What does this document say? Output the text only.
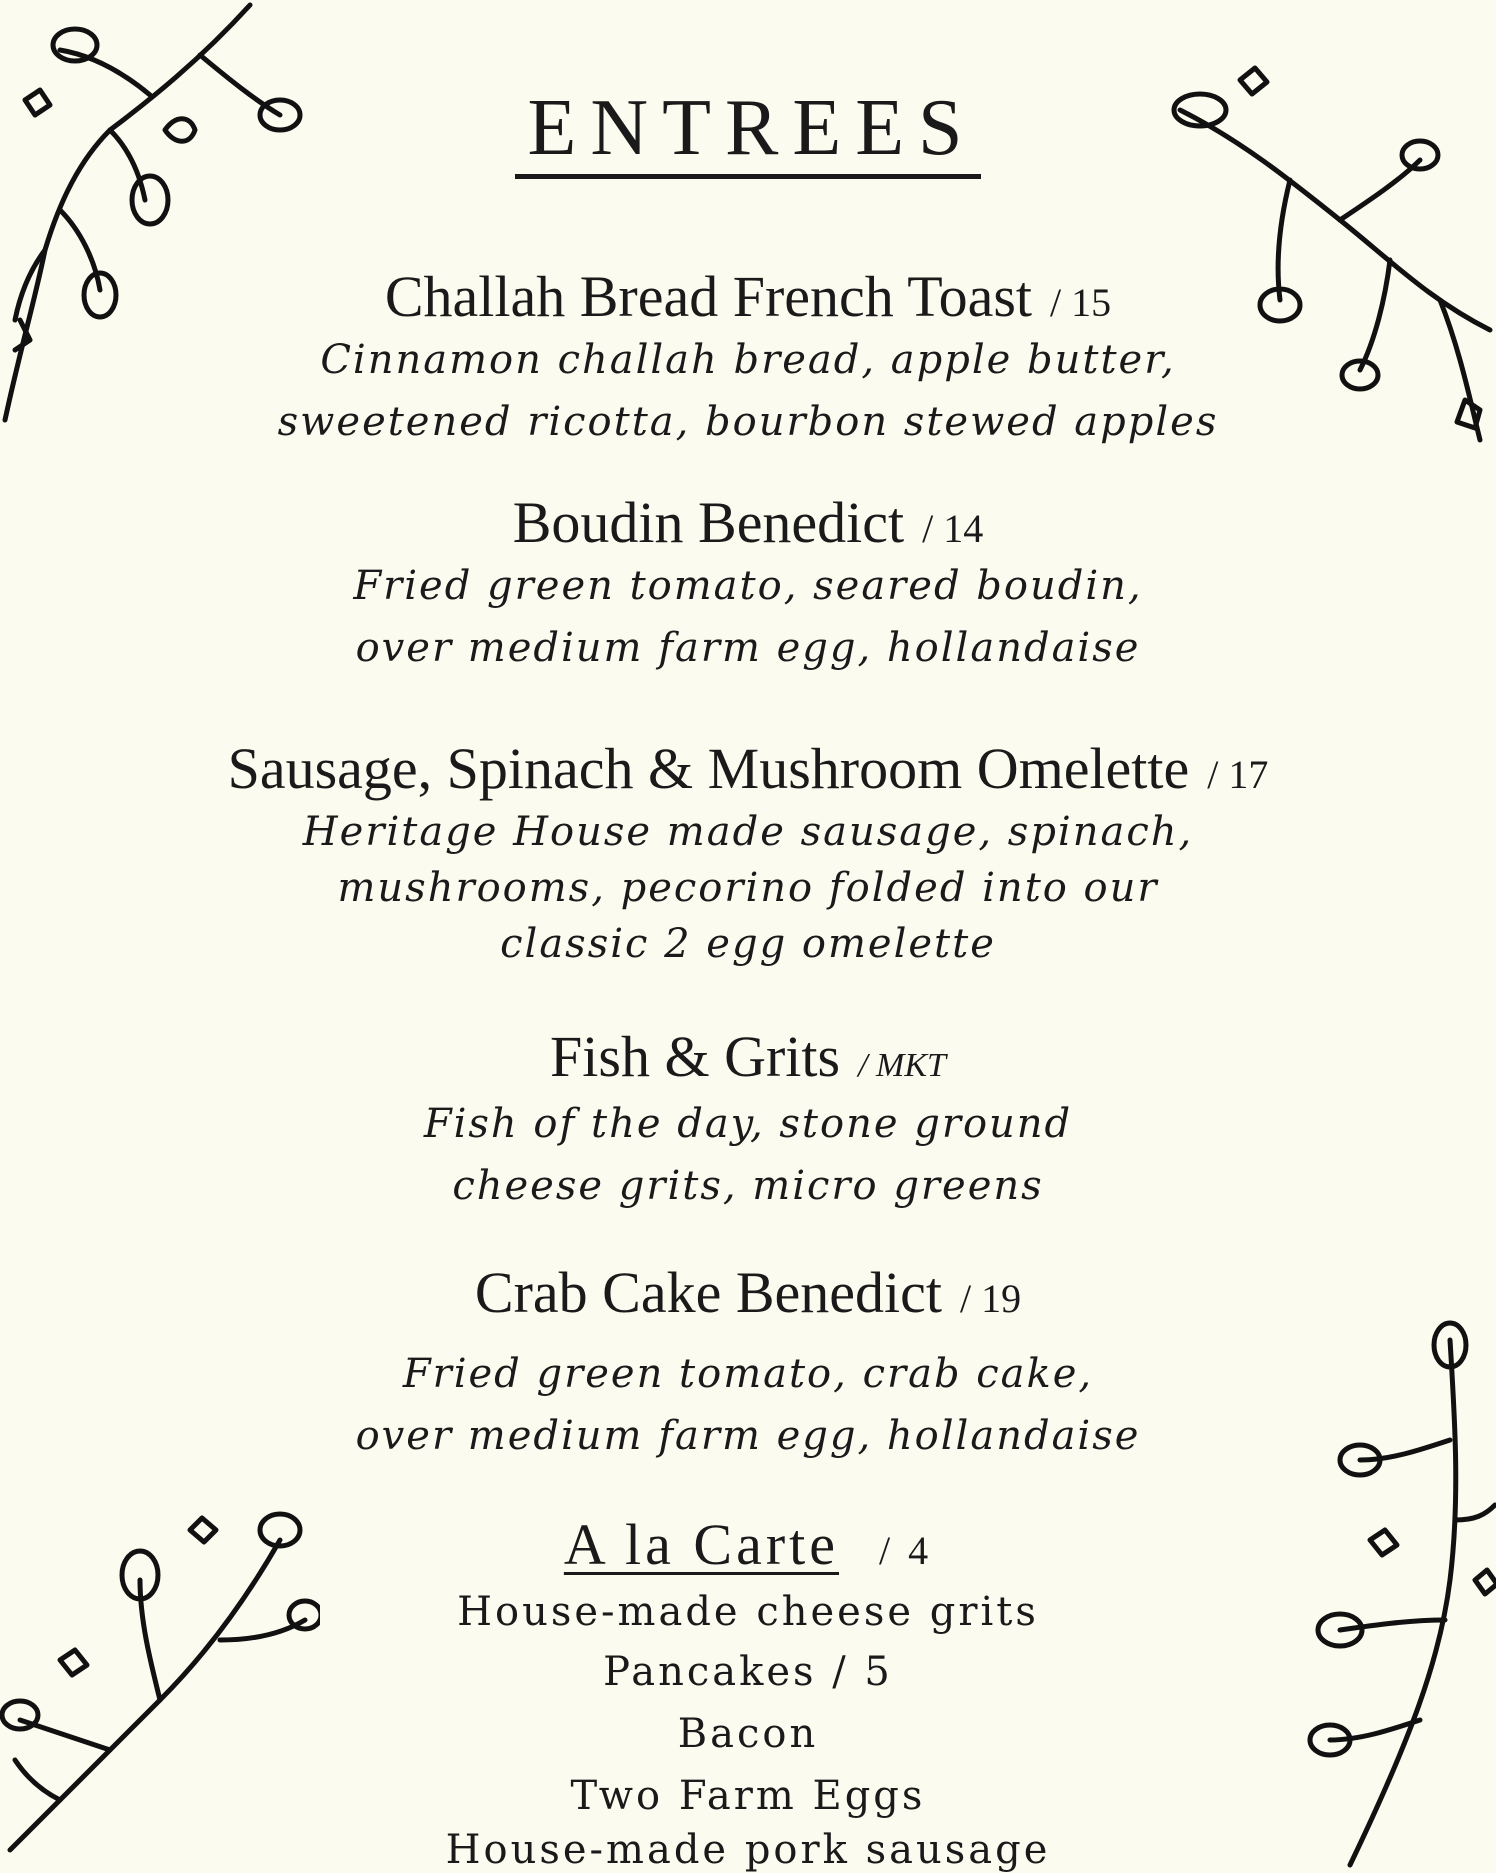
ENTREES
Challah Bread French Toast / 15
Cinnamon challah bread, apple butter,
sweetened ricotta, bourbon stewed apples
Boudin Benedict / 14
Fried green tomato, seared boudin,
over medium farm egg, hollandaise
Sausage, Spinach & Mushroom Omelette / 17
Heritage House made sausage, spinach,
mushrooms, pecorino folded into our
classic 2 egg omelette
Fish & Grits / MKT
Fish of the day, stone ground
cheese grits, micro greens
Crab Cake Benedict / 19
Fried green tomato, crab cake,
over medium farm egg, hollandaise
A la Carte / 4
House-made cheese grits
Pancakes / 5
Bacon
Two Farm Eggs
House-made pork sausage
